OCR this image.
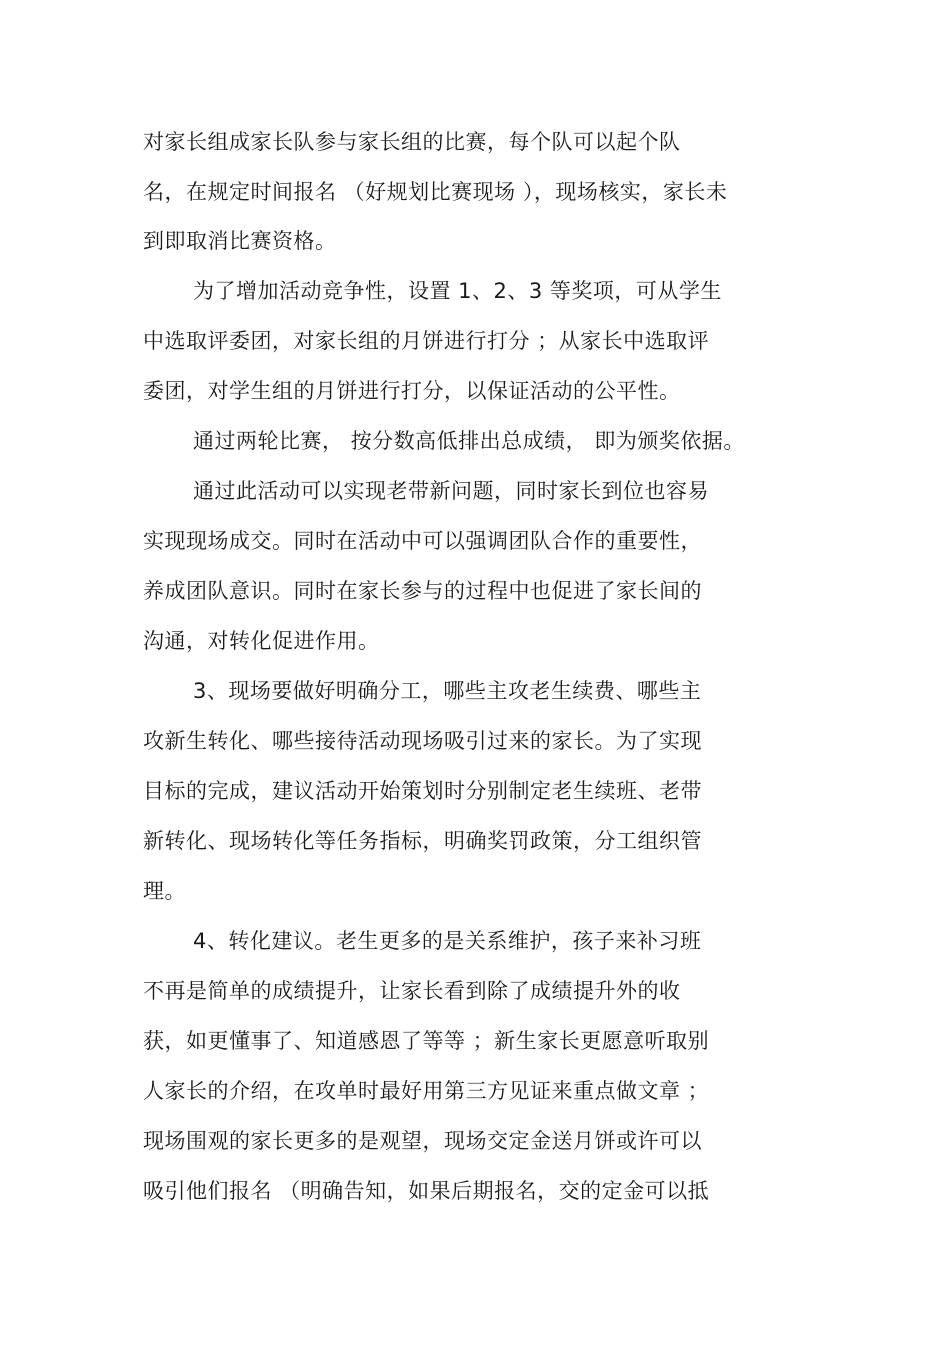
对家长组成家长队参与家长组的比赛，每个队可以起个队
名，在规定时间报名 （好规划比赛现场 ），现场核实，家长未
到即取消比赛资格。
为了增加活动竞争性，设置 1、2、3 等奖项，可从学生
中选取评委团，对家长组的月饼进行打分 ；从家长中选取评
委团，对学生组的月饼进行打分，以保证活动的公平性。
通过两轮比赛， 按分数高低排出总成绩， 即为颁奖依据。
通过此活动可以实现老带新问题，同时家长到位也容易
实现现场成交。同时在活动中可以强调团队合作的重要性，
养成团队意识。同时在家长参与的过程中也促进了家长间的
沟通，对转化促进作用。
3、现场要做好明确分工，哪些主攻老生续费、哪些主
攻新生转化、哪些接待活动现场吸引过来的家长。为了实现
目标的完成，建议活动开始策划时分别制定老生续班、老带
新转化、现场转化等任务指标，明确奖罚政策，分工组织管
理。
4、转化建议。老生更多的是关系维护，孩子来补习班
不再是简单的成绩提升，让家长看到除了成绩提升外的收
获，如更懂事了、知道感恩了等等 ；新生家长更愿意听取别
人家长的介绍，在攻单时最好用第三方见证来重点做文章 ；
现场围观的家长更多的是观望，现场交定金送月饼或许可以
吸引他们报名 （明确告知，如果后期报名，交的定金可以抵
